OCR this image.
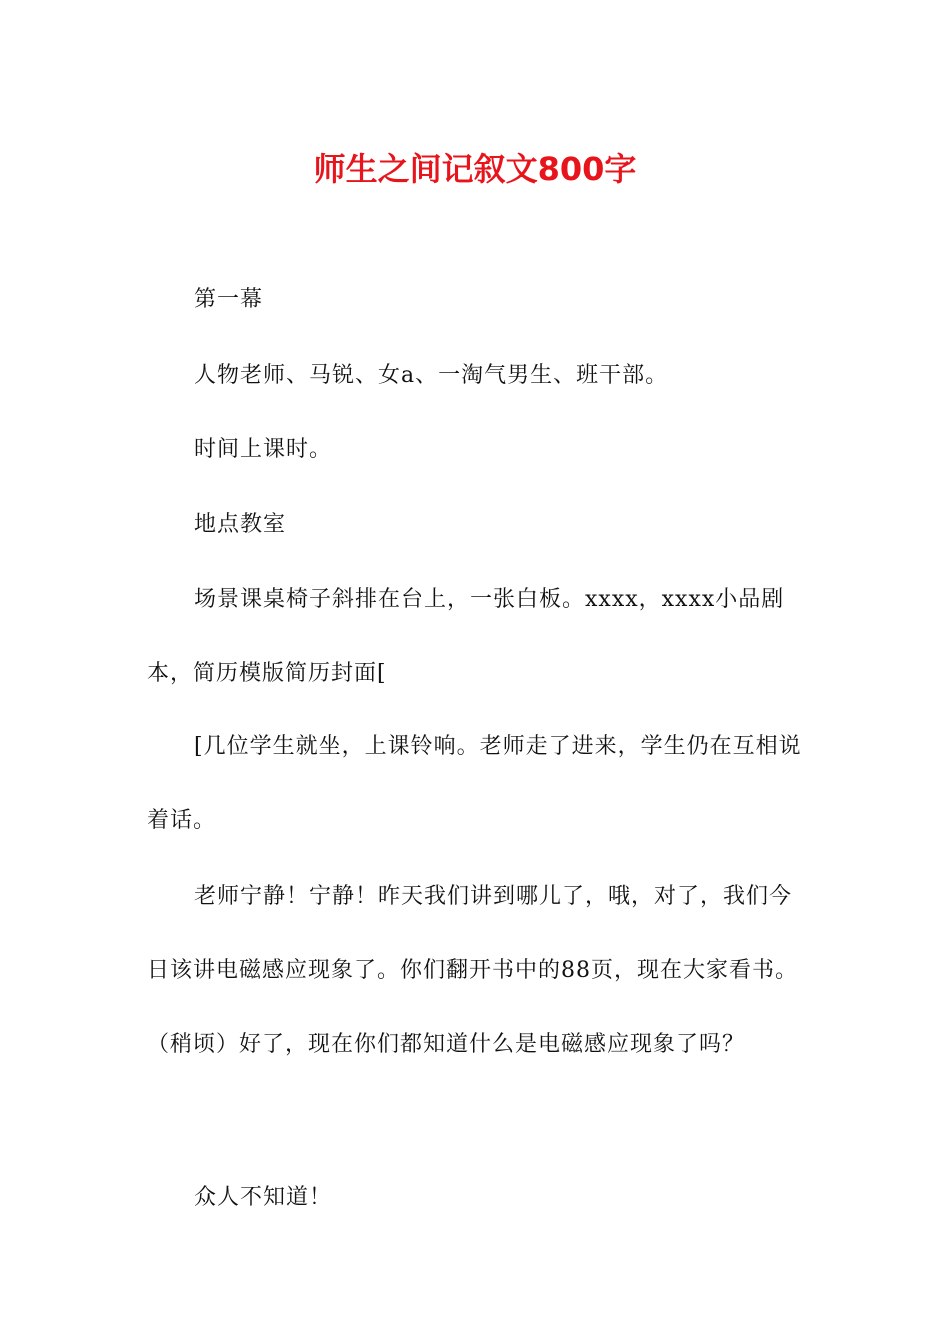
师生之间记叙文800字

第一幕

人物老师、马锐、女a、一淘气男生、班干部。

时间上课时。

地点教室

场景课桌椅子斜排在台上，一张白板。xxxx，xxxx小品剧本，简历模版简历封面[

[几位学生就坐，上课铃响。老师走了进来，学生仍在互相说着话。

老师宁静！宁静！昨天我们讲到哪儿了，哦，对了，我们今日该讲电磁感应现象了。你们翻开书中的88页，现在大家看书。（稍顷）好了，现在你们都知道什么是电磁感应现象了吗？

众人不知道！
